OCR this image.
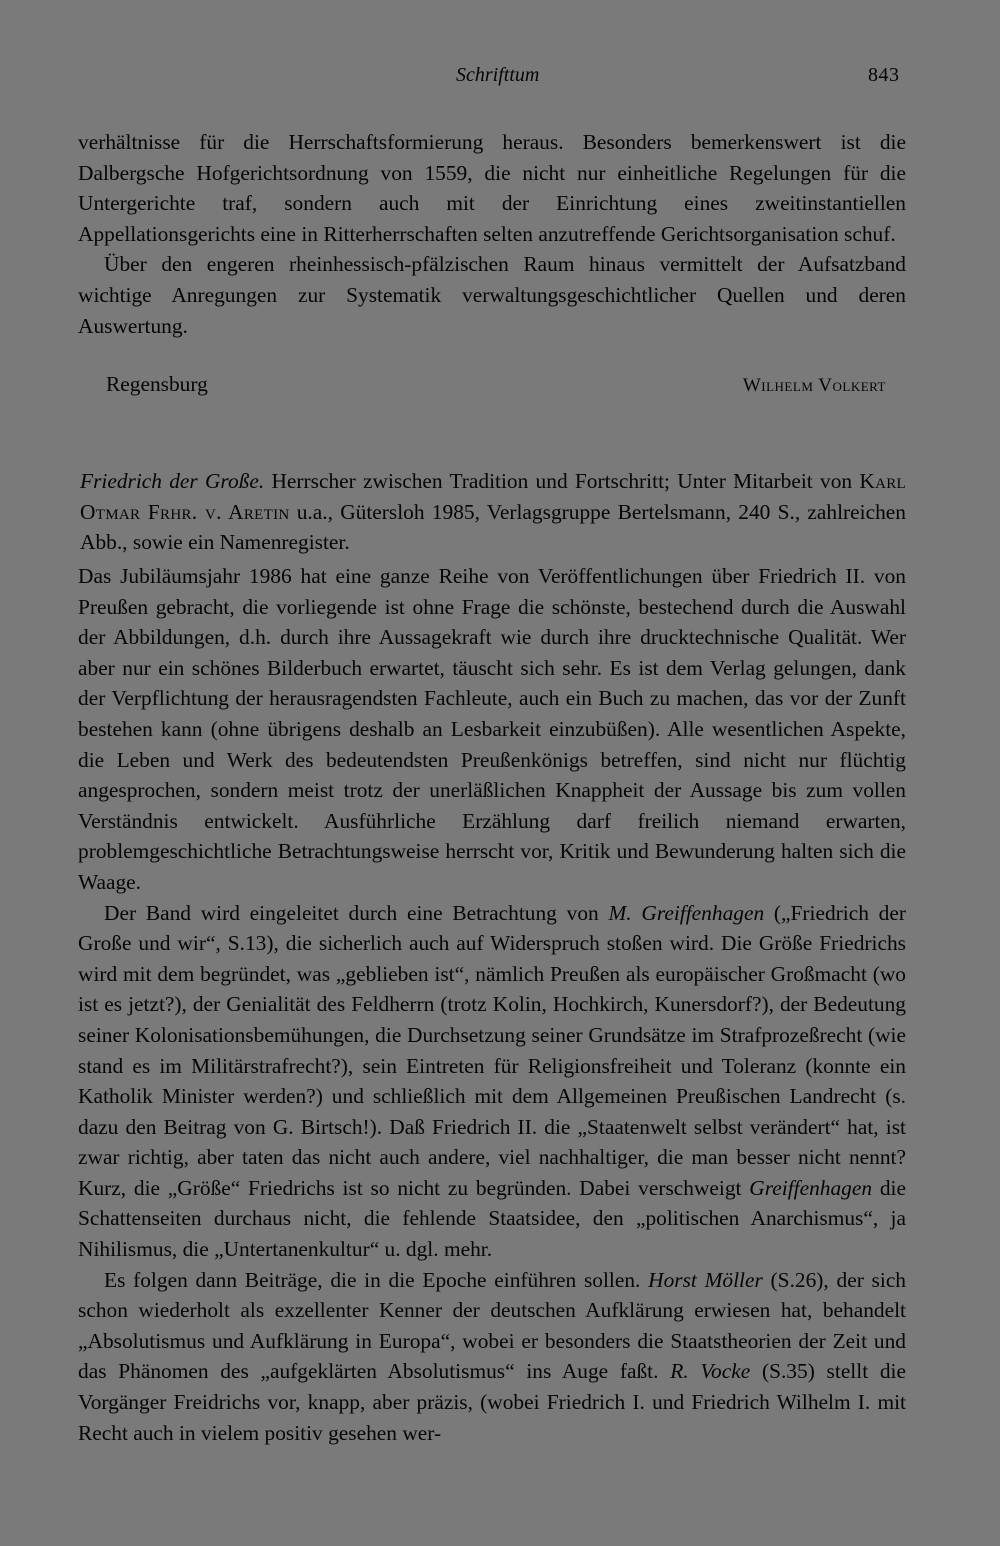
Schrifttum	843

verhältnisse für die Herrschaftsformierung heraus. Besonders bemerkenswert ist die Dalbergsche Hofgerichtsordnung von 1559, die nicht nur einheitliche Regelungen für die Untergerichte traf, sondern auch mit der Einrichtung eines zweitinstantiellen Appellationsgerichts eine in Ritterherrschaften selten anzutreffende Gerichtsorganisation schuf.

Über den engeren rheinhessisch-pfälzischen Raum hinaus vermittelt der Aufsatzband wichtige Anregungen zur Systematik verwaltungsgeschichtlicher Quellen und deren Auswertung.

Regensburg	Wilhelm Volkert
Friedrich der Große. Herrscher zwischen Tradition und Fortschritt; Unter Mitarbeit von Karl Otmar Frhr. v. Aretin u.a., Gütersloh 1985, Verlagsgruppe Bertelsmann, 240 S., zahlreichen Abb., sowie ein Namenregister.

Das Jubiläumsjahr 1986 hat eine ganze Reihe von Veröffentlichungen über Friedrich II. von Preußen gebracht, die vorliegende ist ohne Frage die schönste, bestechend durch die Auswahl der Abbildungen, d.h. durch ihre Aussagekraft wie durch ihre drucktechnische Qualität. Wer aber nur ein schönes Bilderbuch erwartet, täuscht sich sehr. Es ist dem Verlag gelungen, dank der Verpflichtung der herausragendsten Fachleute, auch ein Buch zu machen, das vor der Zunft bestehen kann (ohne übrigens deshalb an Lesbarkeit einzubüßen). Alle wesentlichen Aspekte, die Leben und Werk des bedeutendsten Preußenkönigs betreffen, sind nicht nur flüchtig angesprochen, sondern meist trotz der unerläßlichen Knappheit der Aussage bis zum vollen Verständnis entwickelt. Ausführliche Erzählung darf freilich niemand erwarten, problemgeschichtliche Betrachtungsweise herrscht vor, Kritik und Bewunderung halten sich die Waage.

Der Band wird eingeleitet durch eine Betrachtung von M. Greiffenhagen („Friedrich der Große und wir“, S.13), die sicherlich auch auf Widerspruch stoßen wird. Die Größe Friedrichs wird mit dem begründet, was „geblieben ist“, nämlich Preußen als europäischer Großmacht (wo ist es jetzt?), der Genialität des Feldherrn (trotz Kolin, Hochkirch, Kunersdorf?), der Bedeutung seiner Kolonisationsbemühungen, die Durchsetzung seiner Grundsätze im Strafprozeßrecht (wie stand es im Militärstrafrecht?), sein Eintreten für Religionsfreiheit und Toleranz (konnte ein Katholik Minister werden?) und schließlich mit dem Allgemeinen Preußischen Landrecht (s. dazu den Beitrag von G. Birtsch!). Daß Friedrich II. die „Staatenwelt selbst verändert“ hat, ist zwar richtig, aber taten das nicht auch andere, viel nachhaltiger, die man besser nicht nennt? Kurz, die „Größe“ Friedrichs ist so nicht zu begründen. Dabei verschweigt Greiffenhagen die Schattenseiten durchaus nicht, die fehlende Staatsidee, den „politischen Anarchismus“, ja Nihilismus, die „Untertanenkultur“ u. dgl. mehr.

Es folgen dann Beiträge, die in die Epoche einführen sollen. Horst Möller (S.26), der sich schon wiederholt als exzellenter Kenner der deutschen Aufklärung erwiesen hat, behandelt „Absolutismus und Aufklärung in Europa“, wobei er besonders die Staatstheorien der Zeit und das Phänomen des „aufgeklärten Absolutismus“ ins Auge faßt. R. Vocke (S.35) stellt die Vorgänger Freidrichs vor, knapp, aber präzis, (wobei Friedrich I. und Friedrich Wilhelm I. mit Recht auch in vielem positiv gesehen wer-
